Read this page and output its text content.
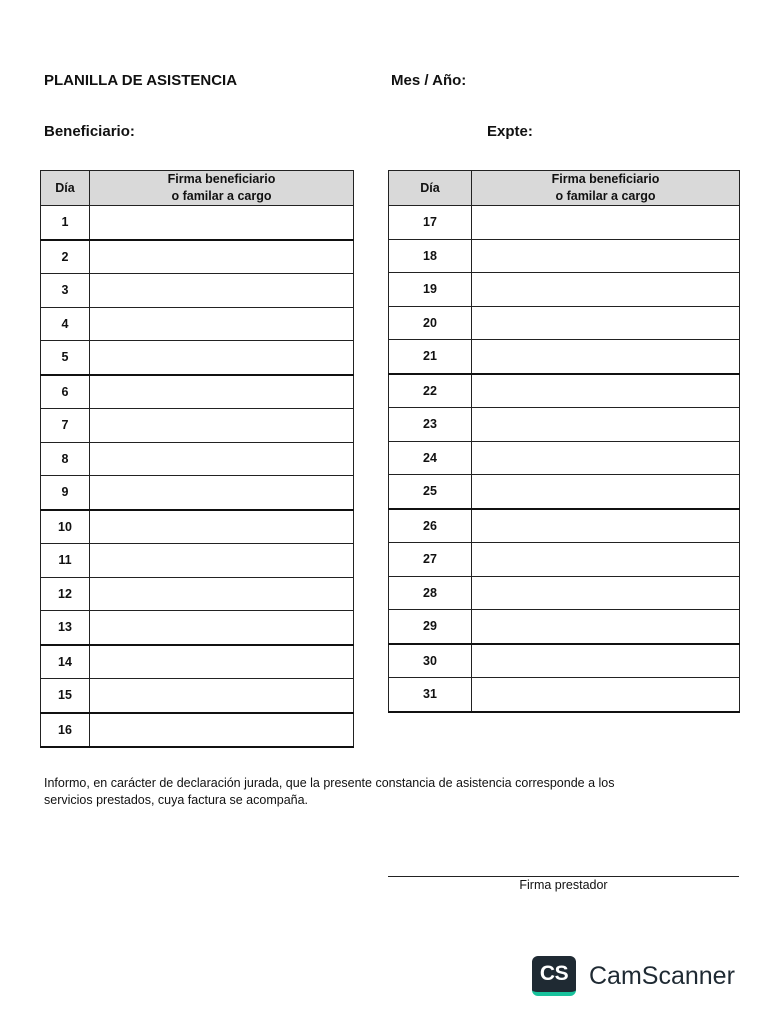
PLANILLA DE ASISTENCIA	Mes / Año:
Beneficiario:	Expte:
Día	Firma beneficiario
o familar a cargo
1	
2	
3	
4	
5	
6	
7	
8	
9	
10	
11	
12	
13	
14	
15	
16	
Día	Firma beneficiario
o familar a cargo
17	
18	
19	
20	
21	
22	
23	
24	
25	
26	
27	
28	
29	
30	
31	
Informo, en carácter de declaración jurada, que la presente constancia de asistencia corresponde a los
servicios prestados, cuya factura se acompaña.
Firma prestador
CS CamScanner
